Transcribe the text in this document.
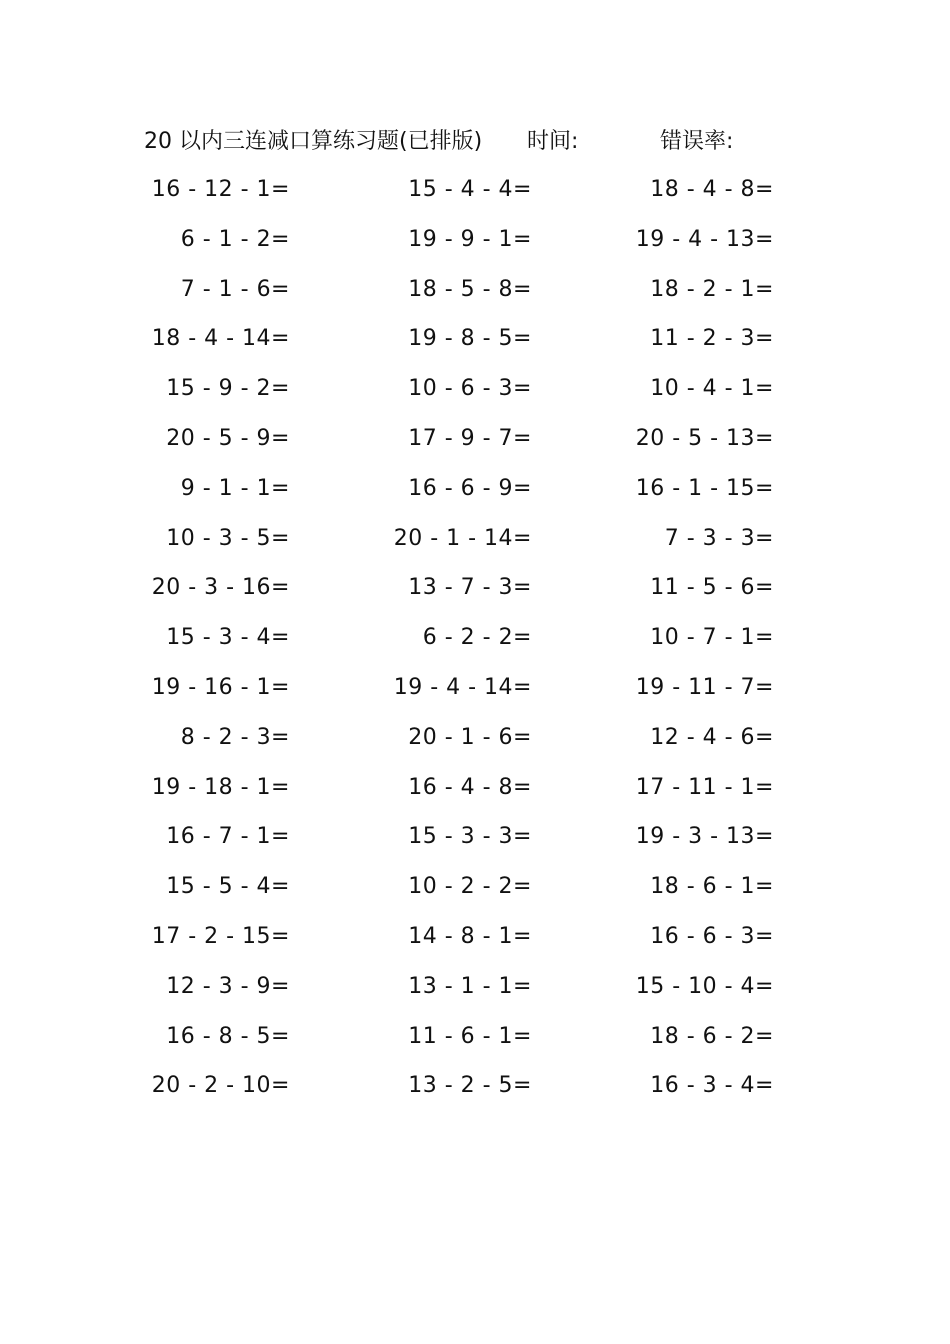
20 以内三连减口算练习题(已排版) 时间:	错误率:
16 - 12 - 1=	15 - 4 - 4=	18 - 4 - 8=
6 - 1 - 2=	19 - 9 - 1=	19 - 4 - 13=
7 - 1 - 6=	18 - 5 - 8=	18 - 2 - 1=
18 - 4 - 14=	19 - 8 - 5=	11 - 2 - 3=
15 - 9 - 2=	10 - 6 - 3=	10 - 4 - 1=
20 - 5 - 9=	17 - 9 - 7=	20 - 5 - 13=
9 - 1 - 1=	16 - 6 - 9=	16 - 1 - 15=
10 - 3 - 5=	20 - 1 - 14=	7 - 3 - 3=
20 - 3 - 16=	13 - 7 - 3=	11 - 5 - 6=
15 - 3 - 4=	6 - 2 - 2=	10 - 7 - 1=
19 - 16 - 1=	19 - 4 - 14=	19 - 11 - 7=
8 - 2 - 3=	20 - 1 - 6=	12 - 4 - 6=
19 - 18 - 1=	16 - 4 - 8=	17 - 11 - 1=
16 - 7 - 1=	15 - 3 - 3=	19 - 3 - 13=
15 - 5 - 4=	10 - 2 - 2=	18 - 6 - 1=
17 - 2 - 15=	14 - 8 - 1=	16 - 6 - 3=
12 - 3 - 9=	13 - 1 - 1=	15 - 10 - 4=
16 - 8 - 5=	11 - 6 - 1=	18 - 6 - 2=
20 - 2 - 10=	13 - 2 - 5=	16 - 3 - 4=
